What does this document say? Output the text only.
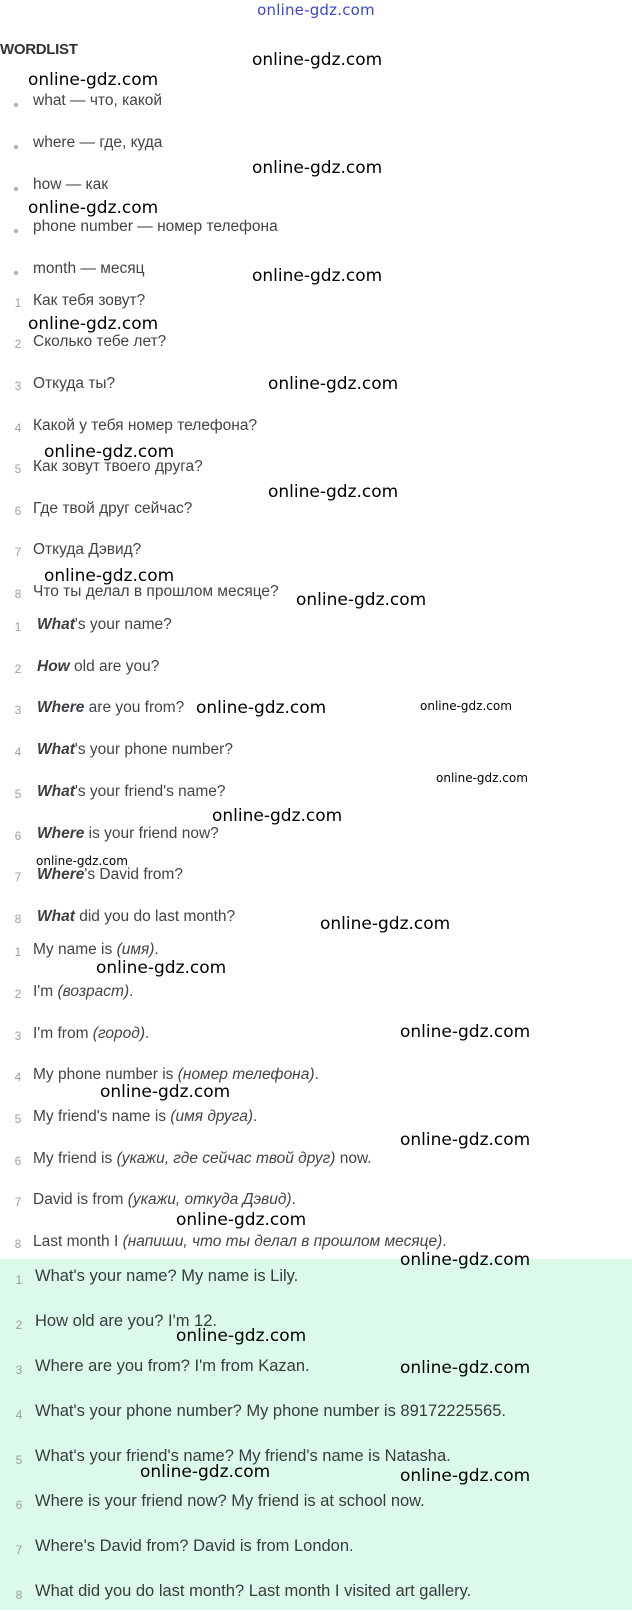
online-gdz.com
WORDLIST
what — что, какой
where — где, куда
how — как
phone number — номер телефона
month — месяц
1 Как тебя зовут?
2 Сколько тебе лет?
3 Откуда ты?
4 Какой у тебя номер телефона?
5 Как зовут твоего друга?
6 Где твой друг сейчас?
7 Откуда Дэвид?
8 Что ты делал в прошлом месяце?
1	What's your name?
2	How old are you?
3	Where are you from?
4	What's your phone number?
5	What's your friend's name?
6	Where is your friend now?
7	Where's David from?
8	What did you do last month?
1 My name is (имя).
2 I'm (возраст).
3 I'm from (город).
4 My phone number is (номер телефона).
5 My friend's name is (имя друга).
6 My friend is (укажи, где сейчас твой друг) now.
7 David is from (укажи, откуда Дэвид).
8 Last month I (напиши, что ты делал в прошлом месяце).
1 What's your name? My name is Lily.
2 How old are you? I'm 12.
3 Where are you from? I'm from Kazan.
4 What's your phone number? My phone number is 89172225565.
5 What's your friend's name? My friend's name is Natasha.
6 Where is your friend now? My friend is at school now.
7 Where's David from? David is from London.
8 What did you do last month? Last month I visited art gallery.
online-gdz.com
online-gdz.com
online-gdz.com
online-gdz.com
online-gdz.com
online-gdz.com
online-gdz.com
online-gdz.com
online-gdz.com
online-gdz.com
online-gdz.com
online-gdz.com	online-gdz.com
online-gdz.com
online-gdz.com
online-gdz.com
online-gdz.com
online-gdz.com
online-gdz.com
online-gdz.com
online-gdz.com
online-gdz.com
online-gdz.com
online-gdz.com
online-gdz.com
online-gdz.com	online-gdz.com
